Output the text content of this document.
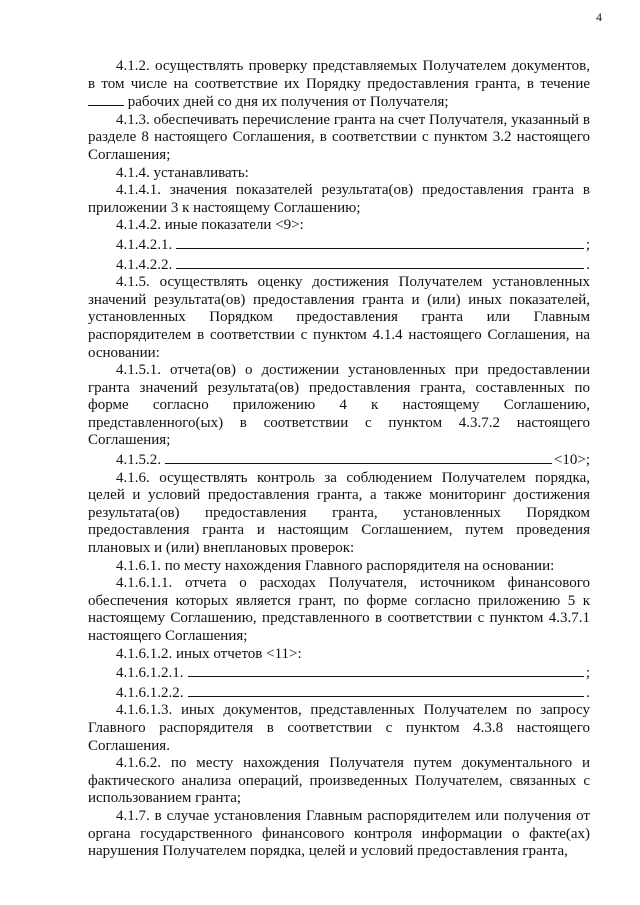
4

4.1.2. осуществлять проверку представляемых Получателем документов, в том числе на соответствие их Порядку предоставления гранта, в течение  рабочих дней со дня их получения от Получателя;

4.1.3. обеспечивать перечисление гранта на счет Получателя, указанный в разделе 8 настоящего Соглашения, в соответствии с пунктом 3.2 настоящего Соглашения;

4.1.4. устанавливать:

4.1.4.1. значения показателей результата(ов) предоставления гранта в приложении 3 к настоящему Соглашению;

4.1.4.2. иные показатели <9>:

4.1.4.2.1.	;
4.1.4.2.2.	.

4.1.5. осуществлять оценку достижения Получателем установленных значений результата(ов) предоставления гранта и (или) иных показателей, установленных Порядком предоставления гранта или Главным распорядителем в соответствии с пунктом 4.1.4 настоящего Соглашения, на основании:

4.1.5.1. отчета(ов) о достижении установленных при предоставлении гранта значений результата(ов) предоставления гранта, составленных по форме согласно приложению 4 к настоящему Соглашению, представленного(ых) в соответствии с пунктом 4.3.7.2 настоящего Соглашения;

4.1.5.2.	<10>;

4.1.6. осуществлять контроль за соблюдением Получателем порядка, целей и условий предоставления гранта, а также мониторинг достижения результата(ов) предоставления гранта, установленных Порядком предоставления гранта и настоящим Соглашением, путем проведения плановых и (или) внеплановых проверок:

4.1.6.1. по месту нахождения Главного распорядителя на основании:

4.1.6.1.1. отчета о расходах Получателя, источником финансового обеспечения которых является грант, по форме согласно приложению 5 к настоящему Соглашению, представленного в соответствии с пунктом 4.3.7.1 настоящего Соглашения;

4.1.6.1.2. иных отчетов <11>:

4.1.6.1.2.1.	;
4.1.6.1.2.2.	.

4.1.6.1.3. иных документов, представленных Получателем по запросу Главного распорядителя в соответствии с пунктом 4.3.8 настоящего Соглашения.

4.1.6.2. по месту нахождения Получателя путем документального и фактического анализа операций, произведенных Получателем, связанных с использованием гранта;

4.1.7. в случае установления Главным распорядителем или получения от органа государственного финансового контроля информации о факте(ах) нарушения Получателем порядка, целей и условий предоставления гранта,
